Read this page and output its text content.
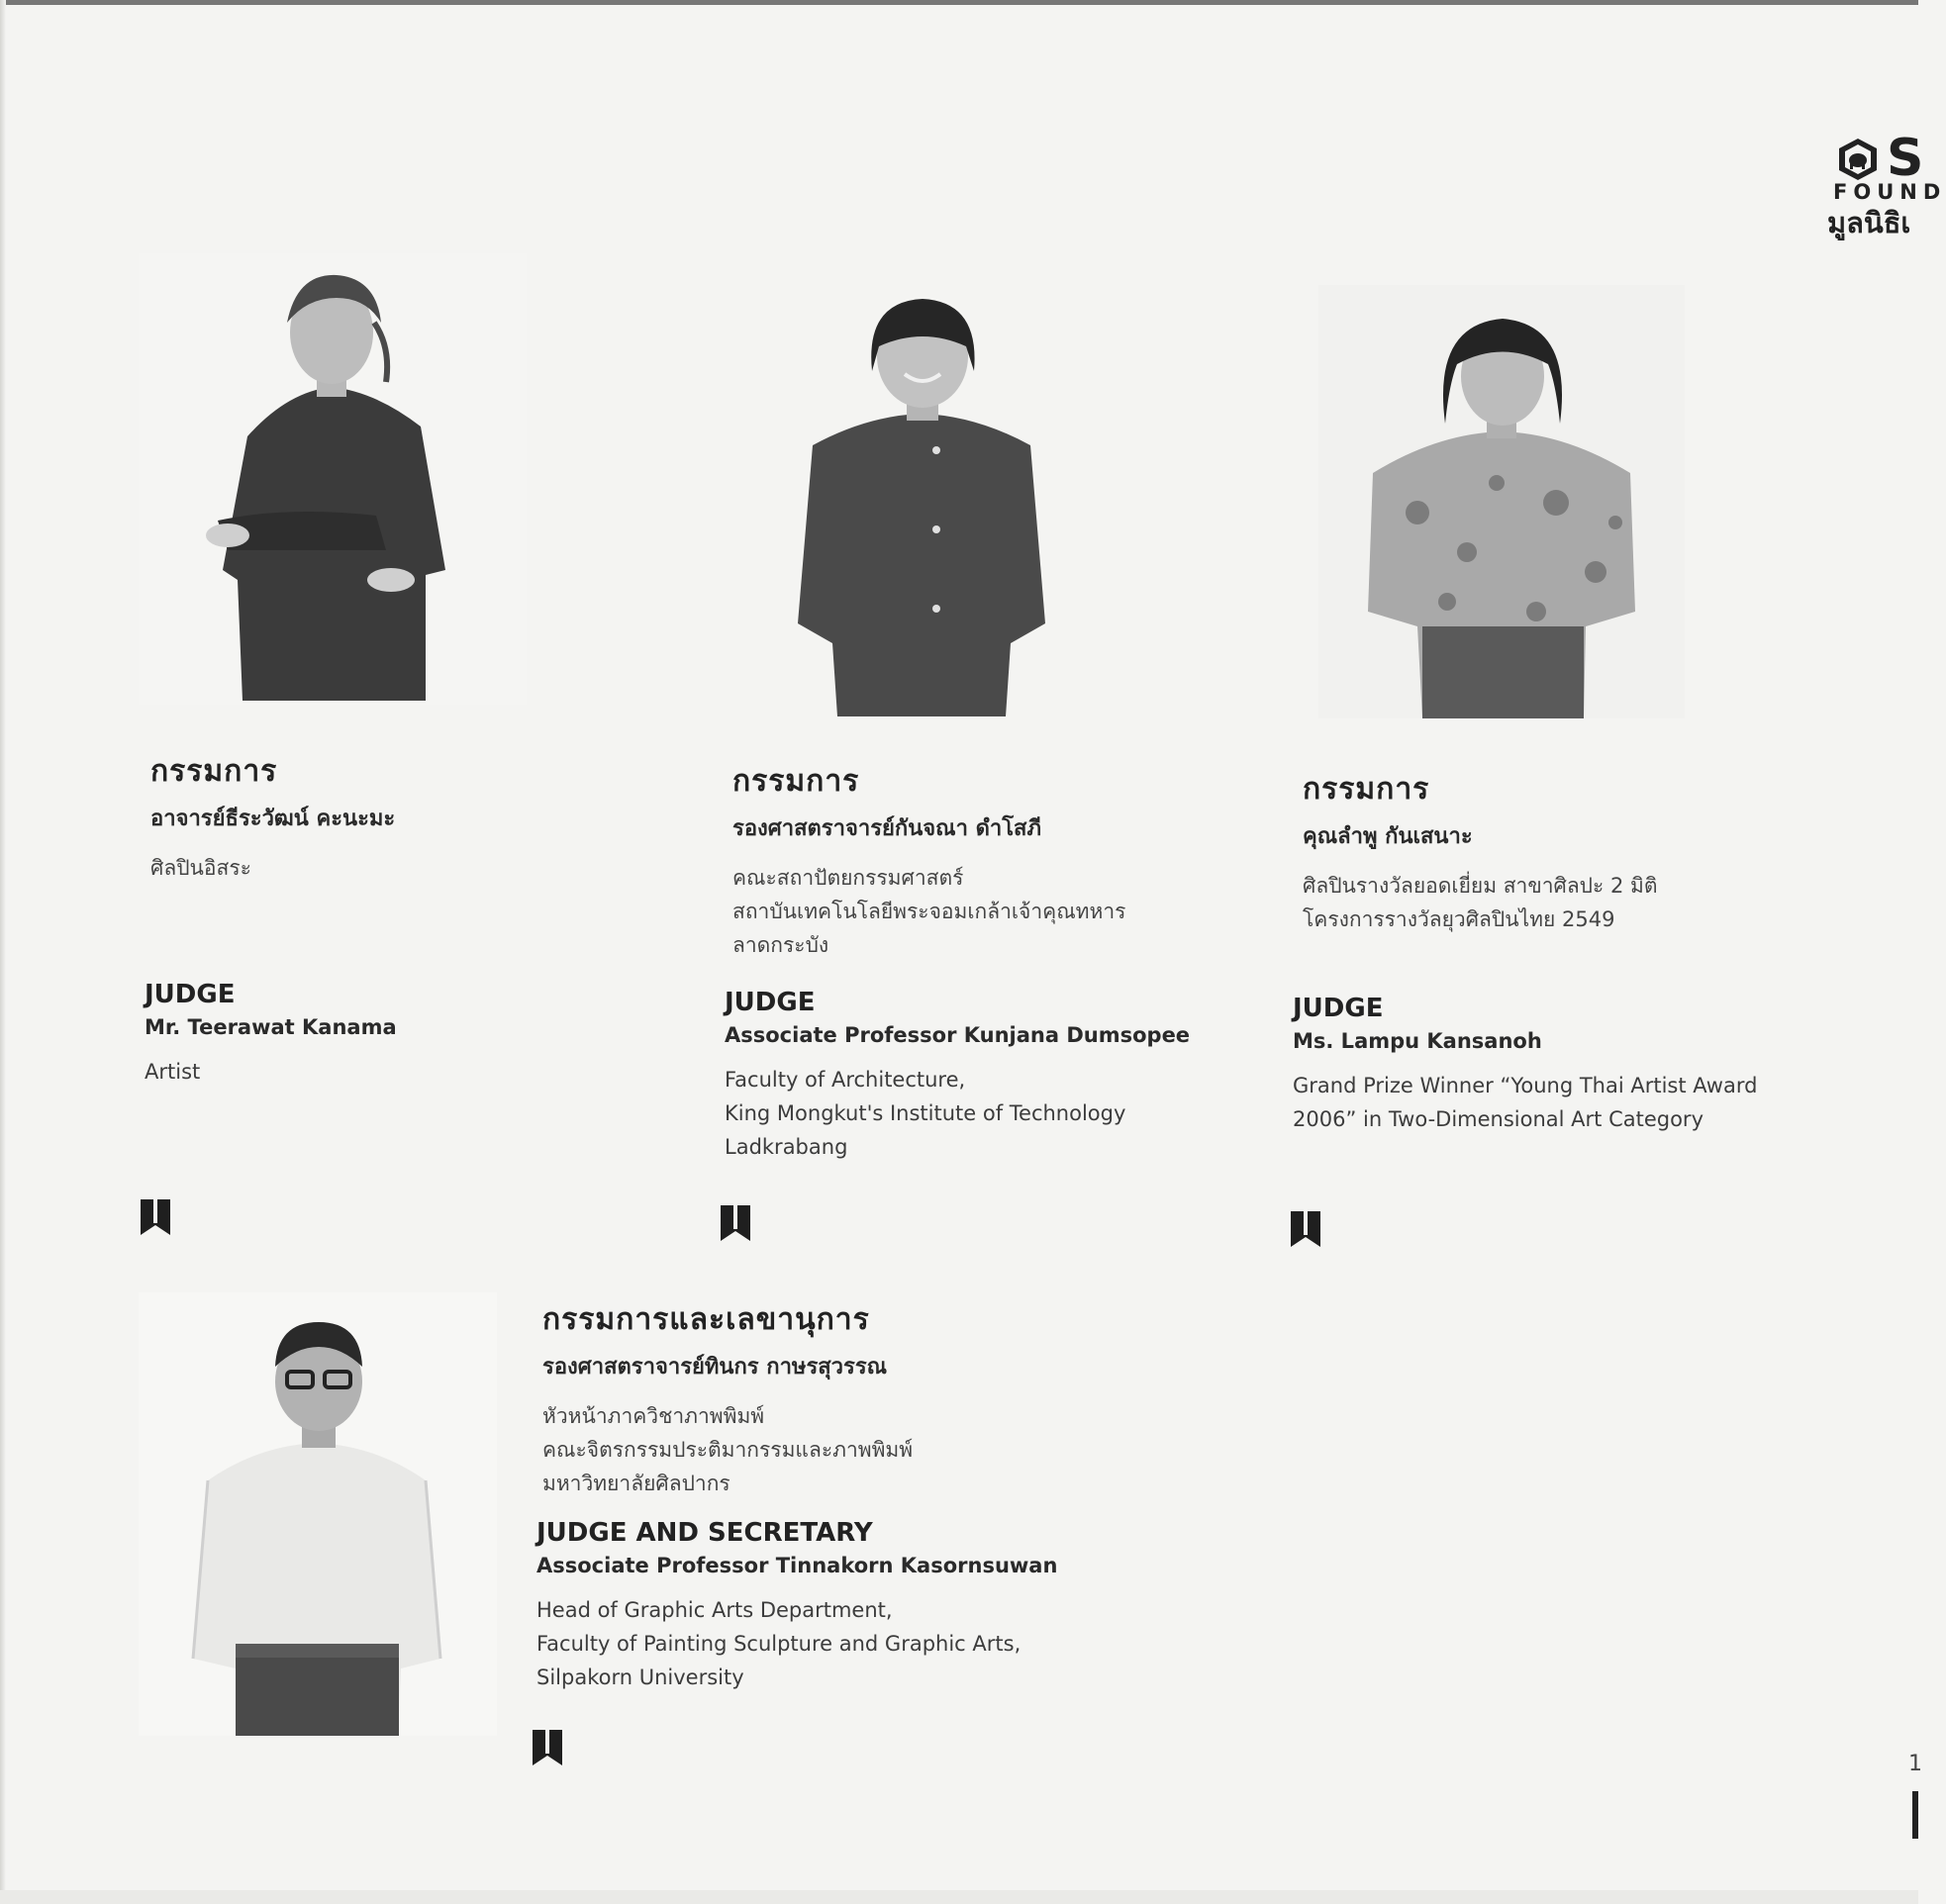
S
FOUND
มูลนิธิเ
กรรมการ
อาจารย์ธีระวัฒน์ คะนะมะ
ศิลปินอิสระ
JUDGE
Mr. Teerawat Kanama
Artist
กรรมการ
รองศาสตราจารย์กันจณา ดำโสภี
คณะสถาปัตยกรรมศาสตร์
สถาบันเทคโนโลยีพระจอมเกล้าเจ้าคุณทหาร
ลาดกระบัง
JUDGE
Associate Professor Kunjana Dumsopee
Faculty of Architecture,
King Mongkut's Institute of Technology
Ladkrabang
กรรมการ
คุณลำพู กันเสนาะ
ศิลปินรางวัลยอดเยี่ยม สาขาศิลปะ 2 มิติ
โครงการรางวัลยุวศิลปินไทย 2549
JUDGE
Ms. Lampu Kansanoh
Grand Prize Winner “Young Thai Artist Award
2006” in Two-Dimensional Art Category
กรรมการและเลขานุการ
รองศาสตราจารย์ทินกร กาษรสุวรรณ
หัวหน้าภาควิชาภาพพิมพ์
คณะจิตรกรรมประติมากรรมและภาพพิมพ์
มหาวิทยาลัยศิลปากร
JUDGE AND SECRETARY
Associate Professor Tinnakorn Kasornsuwan
Head of Graphic Arts Department,
Faculty of Painting Sculpture and Graphic Arts,
Silpakorn University
1
